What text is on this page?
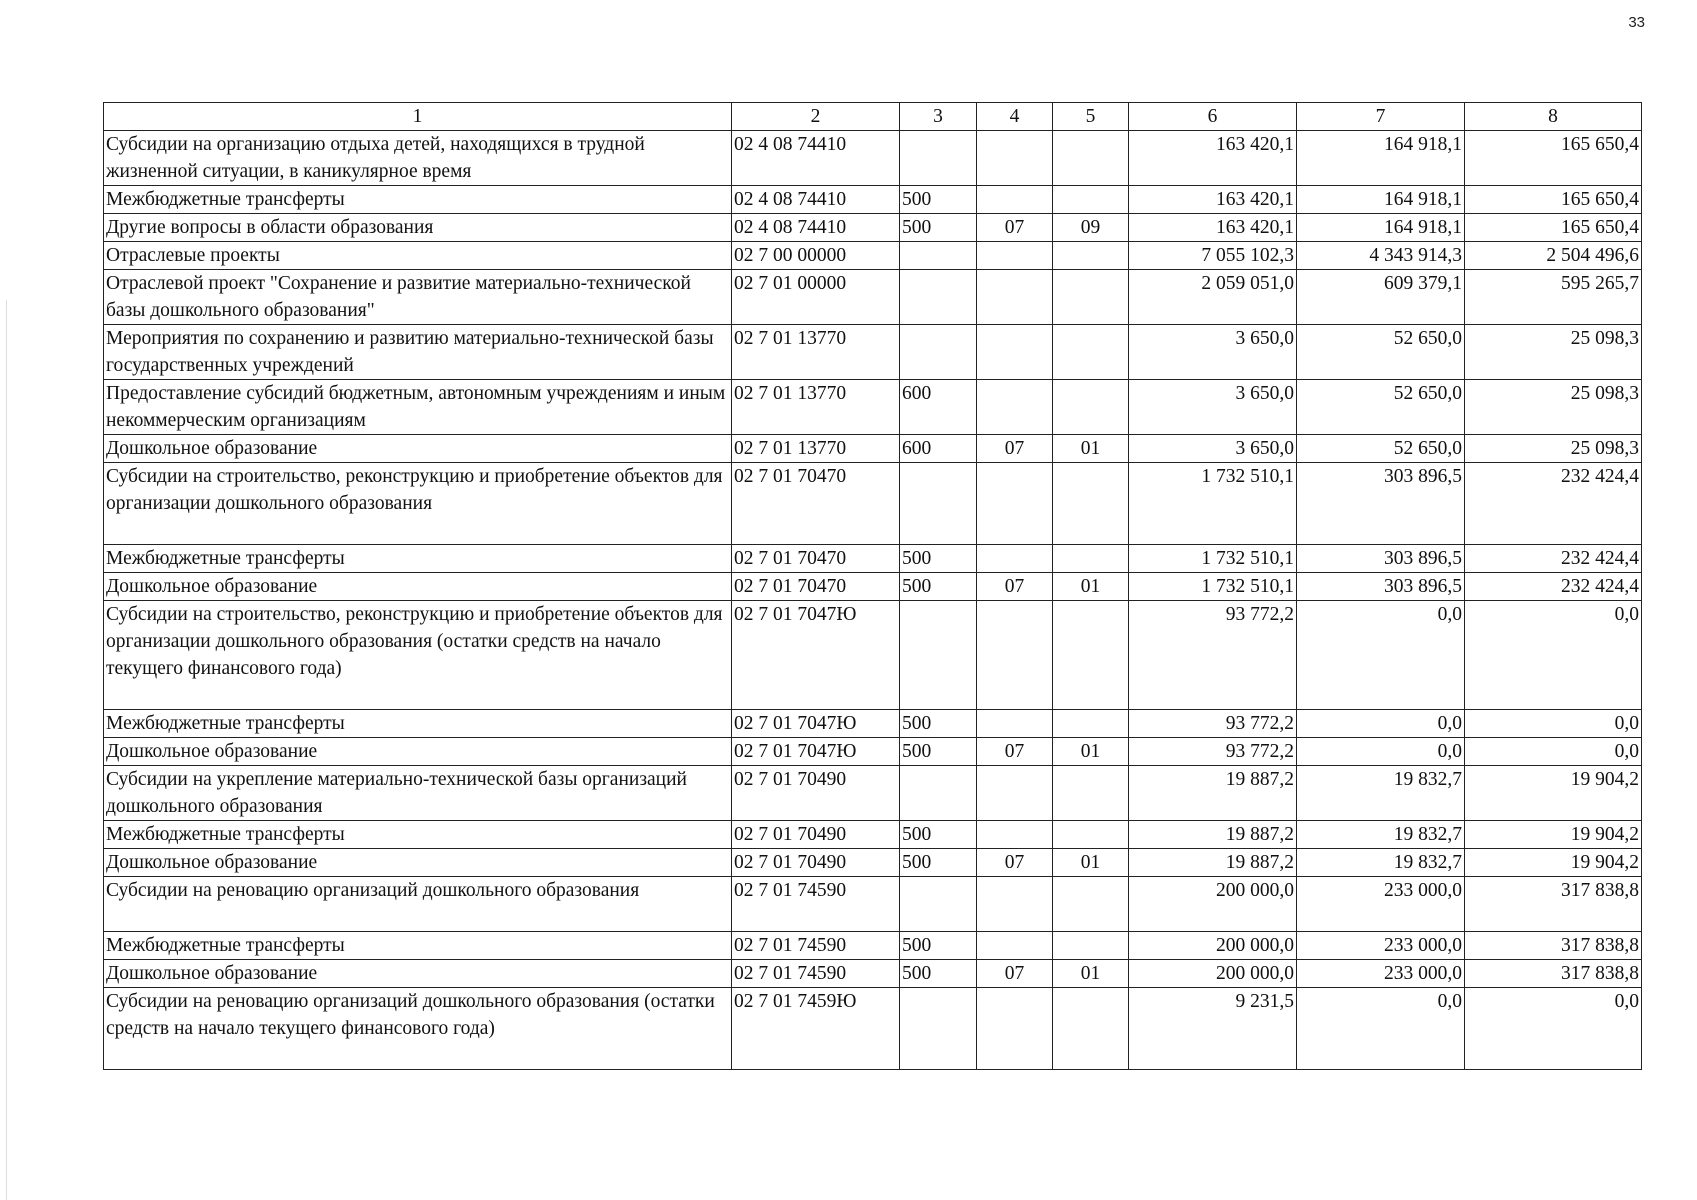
33
1	2	3	4	5	6	7	8
Субсидии на организацию отдыха детей, находящихся в трудной жизненной ситуации, в каникулярное время	02 4 08 74410				163 420,1	164 918,1	165 650,4
Межбюджетные трансферты	02 4 08 74410	500			163 420,1	164 918,1	165 650,4
Другие вопросы в области образования	02 4 08 74410	500	07	09	163 420,1	164 918,1	165 650,4
Отраслевые проекты	02 7 00 00000				7 055 102,3	4 343 914,3	2 504 496,6
Отраслевой проект "Сохранение и развитие материально-технической базы дошкольного образования"	02 7 01 00000				2 059 051,0	609 379,1	595 265,7
Мероприятия по сохранению и развитию материально-технической базы государственных учреждений	02 7 01 13770				3 650,0	52 650,0	25 098,3
Предоставление субсидий бюджетным, автономным учреждениям и иным некоммерческим организациям	02 7 01 13770	600			3 650,0	52 650,0	25 098,3
Дошкольное образование	02 7 01 13770	600	07	01	3 650,0	52 650,0	25 098,3
Субсидии на строительство, реконструкцию и приобретение объектов для организации дошкольного образования	02 7 01 70470				1 732 510,1	303 896,5	232 424,4
Межбюджетные трансферты	02 7 01 70470	500			1 732 510,1	303 896,5	232 424,4
Дошкольное образование	02 7 01 70470	500	07	01	1 732 510,1	303 896,5	232 424,4
Субсидии на строительство, реконструкцию и приобретение объектов для организации дошкольного образования (остатки средств на начало текущего финансового года)	02 7 01 7047Ю				93 772,2	0,0	0,0
Межбюджетные трансферты	02 7 01 7047Ю	500			93 772,2	0,0	0,0
Дошкольное образование	02 7 01 7047Ю	500	07	01	93 772,2	0,0	0,0
Субсидии на укрепление материально-технической базы организаций дошкольного образования	02 7 01 70490				19 887,2	19 832,7	19 904,2
Межбюджетные трансферты	02 7 01 70490	500			19 887,2	19 832,7	19 904,2
Дошкольное образование	02 7 01 70490	500	07	01	19 887,2	19 832,7	19 904,2
Субсидии на реновацию организаций дошкольного образования	02 7 01 74590				200 000,0	233 000,0	317 838,8
Межбюджетные трансферты	02 7 01 74590	500			200 000,0	233 000,0	317 838,8
Дошкольное образование	02 7 01 74590	500	07	01	200 000,0	233 000,0	317 838,8
Субсидии на реновацию организаций дошкольного образования (остатки средств на начало текущего финансового года)	02 7 01 7459Ю				9 231,5	0,0	0,0
